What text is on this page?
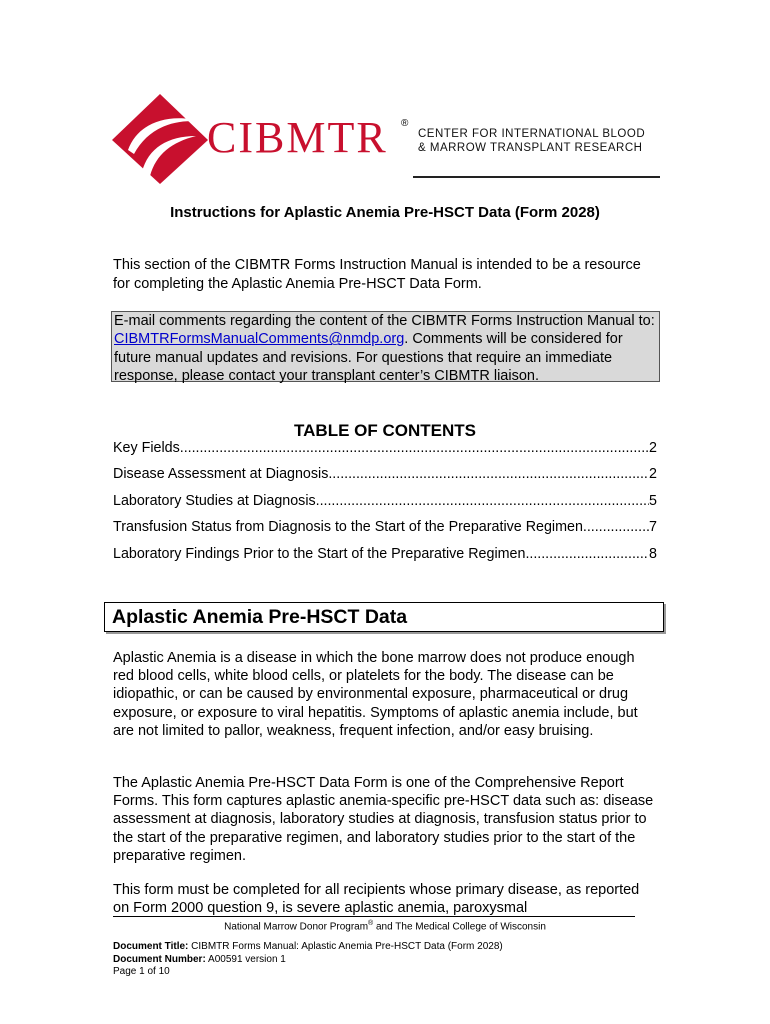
CIBMTR ®
CENTER FOR INTERNATIONAL BLOOD
& MARROW TRANSPLANT RESEARCH
Instructions for Aplastic Anemia Pre-HSCT Data (Form 2028)
This section of the CIBMTR Forms Instruction Manual is intended to be a resource for completing the Aplastic Anemia Pre-HSCT Data Form.
E-mail comments regarding the content of the CIBMTR Forms Instruction Manual to: CIBMTRFormsManualComments@nmdp.org. Comments will be considered for future manual updates and revisions. For questions that require an immediate response, please contact your transplant center’s CIBMTR liaison.
TABLE OF CONTENTS
Key Fields . . .	2
Disease Assessment at Diagnosis . . .	2
Laboratory Studies at Diagnosis . . .	5
Transfusion Status from Diagnosis to the Start of the Preparative Regimen . . .	7
Laboratory Findings Prior to the Start of the Preparative Regimen . . .	8
Aplastic Anemia Pre-HSCT Data
Aplastic Anemia is a disease in which the bone marrow does not produce enough red blood cells, white blood cells, or platelets for the body. The disease can be idiopathic, or can be caused by environmental exposure, pharmaceutical or drug exposure, or exposure to viral hepatitis. Symptoms of aplastic anemia include, but are not limited to pallor, weakness, frequent infection, and/or easy bruising.
The Aplastic Anemia Pre-HSCT Data Form is one of the Comprehensive Report Forms. This form captures aplastic anemia-specific pre-HSCT data such as: disease assessment at diagnosis, laboratory studies at diagnosis, transfusion status prior to the start of the preparative regimen, and laboratory studies prior to the start of the preparative regimen.
This form must be completed for all recipients whose primary disease, as reported on Form 2000 question 9, is severe aplastic anemia, paroxysmal
National Marrow Donor Program® and The Medical College of Wisconsin
Document Title: CIBMTR Forms Manual: Aplastic Anemia Pre-HSCT Data (Form 2028)
Document Number: A00591 version 1
Page 1 of 10
